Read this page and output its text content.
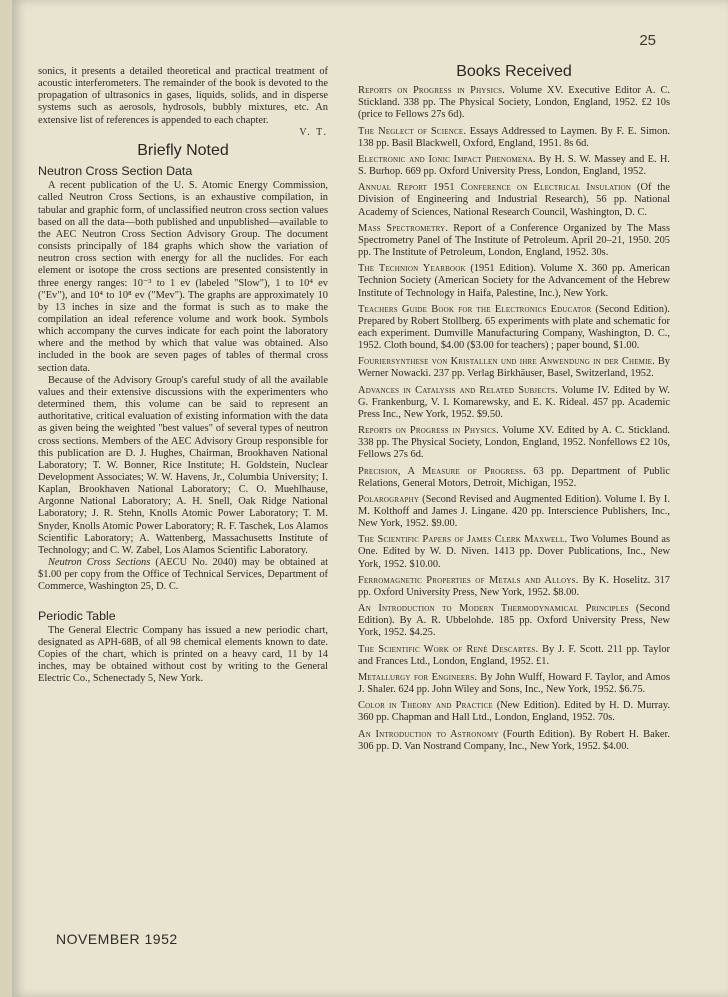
25

sonics, it presents a detailed theoretical and practical treatment of acoustic interferometers. The remainder of the book is devoted to the propagation of ultrasonics in gases, liquids, solids, and in disperse systems such as aerosols, hydrosols, bubbly mixtures, etc. An extensive list of references is appended to each chapter.

V. T.

Briefly Noted
Neutron Cross Section Data

A recent publication of the U. S. Atomic Energy Commission, called Neutron Cross Sections, is an exhaustive compilation, in tabular and graphic form, of unclassified neutron cross section values based on all the data—both published and unpublished—available to the AEC Neutron Cross Section Advisory Group. The document consists principally of 184 graphs which show the variation of neutron cross section with energy for all the nuclides. For each element or isotope the cross sections are presented consistently in three energy ranges: 10⁻³ to 1 ev (labeled "Slow"), 1 to 10⁴ ev ("Ev"), and 10⁴ to 10⁸ ev ("Mev"). The graphs are approximately 10 by 13 inches in size and the format is such as to make the compilation an ideal reference volume and work book. Symbols which accompany the curves indicate for each point the laboratory where and the method by which that value was obtained. Also included in the book are seven pages of tables of thermal cross section data.

Because of the Advisory Group's careful study of all the available values and their extensive discussions with the experimenters who determined them, this volume can be said to represent an authoritative, critical evaluation of existing information with the data as given being the weighted "best values" of several types of neutron cross sections. Members of the AEC Advisory Group responsible for this publication are D. J. Hughes, Chairman, Brookhaven National Laboratory; T. W. Bonner, Rice Institute; H. Goldstein, Nuclear Development Associates; W. W. Havens, Jr., Columbia University; I. Kaplan, Brookhaven National Laboratory; C. O. Muehlhause, Argonne National Laboratory; A. H. Snell, Oak Ridge National Laboratory; J. R. Stehn, Knolls Atomic Power Laboratory; T. M. Snyder, Knolls Atomic Power Laboratory; R. F. Taschek, Los Alamos Scientific Laboratory; A. Wattenberg, Massachusetts Institute of Technology; and C. W. Zabel, Los Alamos Scientific Laboratory.

Neutron Cross Sections (AECU No. 2040) may be obtained at $1.00 per copy from the Office of Technical Services, Department of Commerce, Washington 25, D. C.

Periodic Table

The General Electric Company has issued a new periodic chart, designated as APH-68B, of all 98 chemical elements known to date. Copies of the chart, which is printed on a heavy card, 11 by 14 inches, may be obtained without cost by writing to the General Electric Co., Schenectady 5, New York.

Books Received

Reports on Progress in Physics. Volume XV. Executive Editor A. C. Stickland. 338 pp. The Physical Society, London, England, 1952. £2 10s (price to Fellows 27s 6d).

The Neglect of Science. Essays Addressed to Laymen. By F. E. Simon. 138 pp. Basil Blackwell, Oxford, England, 1951. 8s 6d.

Electronic and Ionic Impact Phenomena. By H. S. W. Massey and E. H. S. Burhop. 669 pp. Oxford University Press, London, England, 1952.

Annual Report 1951 Conference on Electrical Insulation (Of the Division of Engineering and Industrial Research), 56 pp. National Academy of Sciences, National Research Council, Washington, D. C.

Mass Spectrometry. Report of a Conference Organized by The Mass Spectrometry Panel of The Institute of Petroleum. April 20–21, 1950. 205 pp. The Institute of Petroleum, London, England, 1952. 30s.

The Technion Yearbook (1951 Edition). Volume X. 360 pp. American Technion Society (American Society for the Advancement of the Hebrew Institute of Technology in Haifa, Palestine, Inc.), New York.

Teachers Guide Book for the Electronics Educator (Second Edition). Prepared by Robert Stollberg. 65 experiments with plate and schematic for each experiment. Dumville Manufacturing Company, Washington, D. C., 1952. Cloth bound, $4.00 ($3.00 for teachers) ; paper bound, $1.00.

Fouriersynthese von Kristallen und ihre Anwendung in der Chemie. By Werner Nowacki. 237 pp. Verlag Birkhäuser, Basel, Switzerland, 1952.

Advances in Catalysis and Related Subjects. Volume IV. Edited by W. G. Frankenburg, V. I. Komarewsky, and E. K. Rideal. 457 pp. Academic Press Inc., New York, 1952. $9.50.

Reports on Progress in Physics. Volume XV. Edited by A. C. Stickland. 338 pp. The Physical Society, London, England, 1952. Nonfellows £2 10s, Fellows 27s 6d.

Precision, A Measure of Progress. 63 pp. Department of Public Relations, General Motors, Detroit, Michigan, 1952.

Polarography (Second Revised and Augmented Edition). Volume I. By I. M. Kolthoff and James J. Lingane. 420 pp. Interscience Publishers, Inc., New York, 1952. $9.00.

The Scientific Papers of James Clerk Maxwell. Two Volumes Bound as One. Edited by W. D. Niven. 1413 pp. Dover Publications, Inc., New York, 1952. $10.00.

Ferromagnetic Properties of Metals and Alloys. By K. Hoselitz. 317 pp. Oxford University Press, New York, 1952. $8.00.

An Introduction to Modern Thermodynamical Principles (Second Edition). By A. R. Ubbelohde. 185 pp. Oxford University Press, New York, 1952. $4.25.

The Scientific Work of René Descartes. By J. F. Scott. 211 pp. Taylor and Frances Ltd., London, England, 1952. £1.

Metallurgy for Engineers. By John Wulff, Howard F. Taylor, and Amos J. Shaler. 624 pp. John Wiley and Sons, Inc., New York, 1952. $6.75.

Color in Theory and Practice (New Edition). Edited by H. D. Murray. 360 pp. Chapman and Hall Ltd., London, England, 1952. 70s.

An Introduction to Astronomy (Fourth Edition). By Robert H. Baker. 306 pp. D. Van Nostrand Company, Inc., New York, 1952. $4.00.

NOVEMBER 1952
